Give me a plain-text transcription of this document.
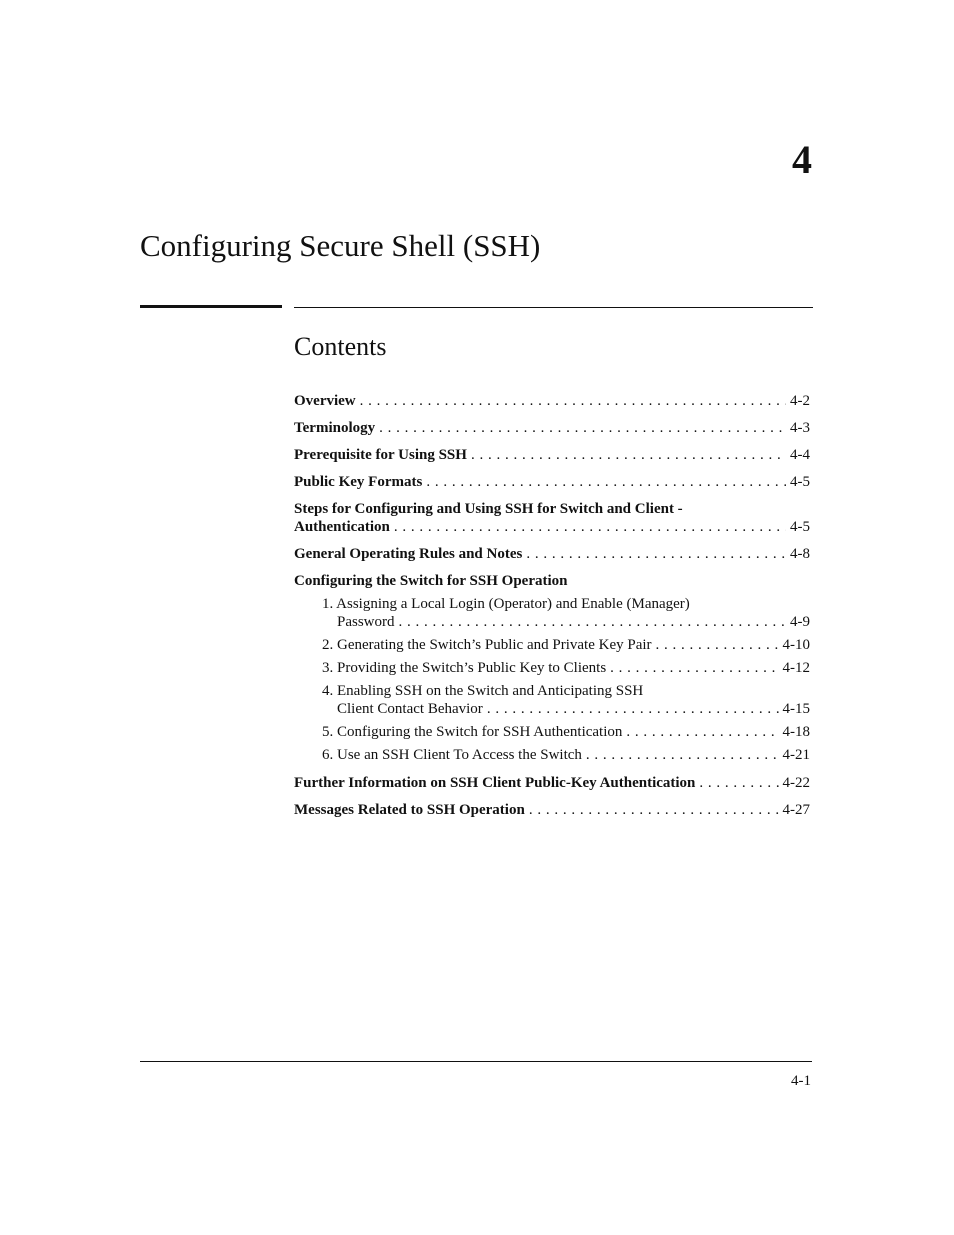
4
Configuring Secure Shell (SSH)
Contents
Overview . . .	4-2
Terminology . . .	4-3
Prerequisite for Using SSH . . .	4-4
Public Key Formats . . .	4-5
Steps for Configuring and Using SSH for Switch and Client -
Authentication . . .	4-5
General Operating Rules and Notes . . .	4-8
Configuring the Switch for SSH Operation
1. Assigning a Local Login (Operator) and Enable (Manager)
Password . . .	4-9
2. Generating the Switch’s Public and Private Key Pair . . .	4-10
3. Providing the Switch’s Public Key to Clients . . .	4-12
4. Enabling SSH on the Switch and Anticipating SSH
Client Contact Behavior . . .	4-15
5. Configuring the Switch for SSH Authentication . . .	4-18
6. Use an SSH Client To Access the Switch . . .	4-21
Further Information on SSH Client Public-Key Authentication . . .	4-22
Messages Related to SSH Operation . . .	4-27
4-1
